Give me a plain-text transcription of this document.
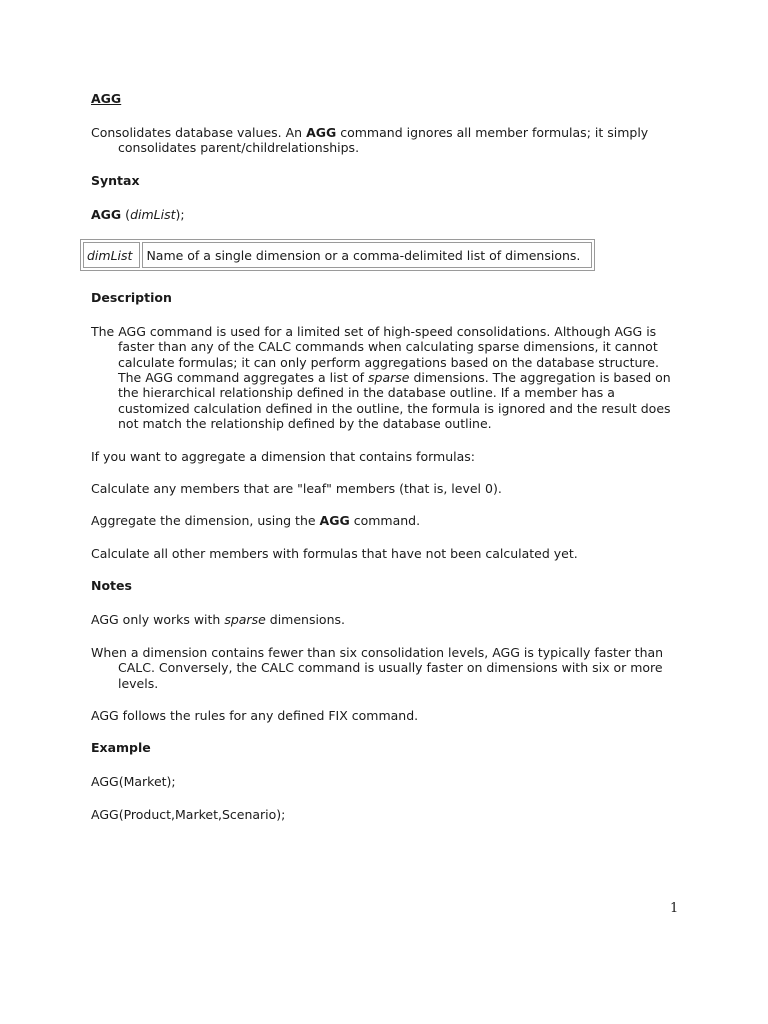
AGG
Consolidates database values. An AGG command ignores all member formulas; it simply consolidates parent/childrelationships.
Syntax
AGG (dimList);
dimList	Name of a single dimension or a comma-delimited list of dimensions.
Description
The AGG command is used for a limited set of high-speed consolidations. Although AGG is faster than any of the CALC commands when calculating sparse dimensions, it cannot calculate formulas; it can only perform aggregations based on the database structure. The AGG command aggregates a list of sparse dimensions. The aggregation is based on the hierarchical relationship defined in the database outline. If a member has a customized calculation defined in the outline, the formula is ignored and the result does not match the relationship defined by the database outline.
If you want to aggregate a dimension that contains formulas:
Calculate any members that are "leaf" members (that is, level 0).
Aggregate the dimension, using the AGG command.
Calculate all other members with formulas that have not been calculated yet.
Notes
AGG only works with sparse dimensions.
When a dimension contains fewer than six consolidation levels, AGG is typically faster than CALC. Conversely, the CALC command is usually faster on dimensions with six or more levels.
AGG follows the rules for any defined FIX command.
Example
AGG(Market);
AGG(Product,Market,Scenario);
1
